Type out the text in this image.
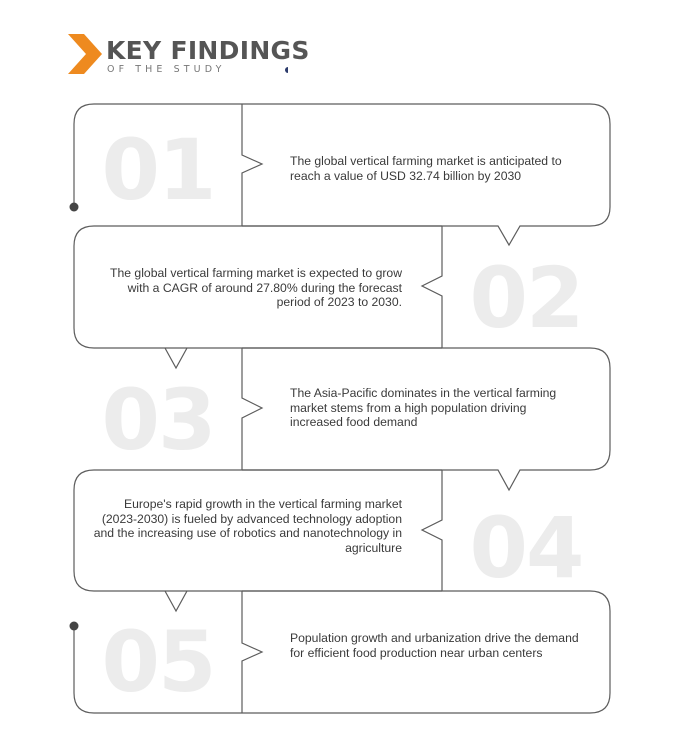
KEY FINDINGS
OF THE STUDY
01
02
03
04
05
The global vertical farming market is anticipated to reach a value of USD 32.74 billion by 2030
The global vertical farming market is expected to grow with a CAGR of around 27.80% during the forecast period of 2023 to 2030.
The Asia-Pacific dominates in the vertical farming market stems from a high population driving increased food demand
Europe's rapid growth in the vertical farming market (2023-2030) is fueled by advanced technology adoption and the increasing use of robotics and nanotechnology in agriculture
Population growth and urbanization drive the demand for efficient food production near urban centers
